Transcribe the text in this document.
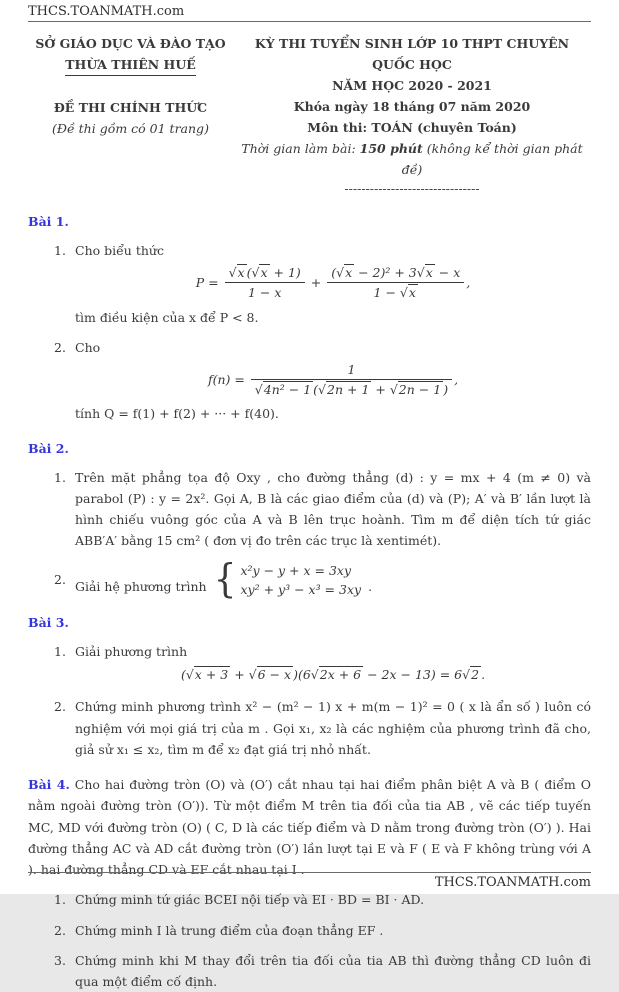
THCS.TOANMATH.com
SỞ GIÁO DỤC VÀ ĐÀO TẠO
THỪA THIÊN HUẾ
ĐỀ THI CHÍNH THỨC
(Đề thi gồm có 01 trang)
KỲ THI TUYỂN SINH LỚP 10 THPT CHUYÊN QUỐC HỌC
NĂM HỌC 2020 - 2021
Khóa ngày 18 tháng 07 năm 2020
Môn thi: TOÁN (chuyên Toán)
Thời gian làm bài: 150 phút (không kể thời gian phát đề)
--------------------------------
Bài 1.
1. Cho biểu thức
$P = \frac{√x (√x + 1)}{1 - x} + \frac{\text{(√x − 2)² + 3√x − x}}{1 - √x}$ ,
tìm điều kiện của x để P < 8.
2. Cho
$f(n) = \frac{1}{\text{√4n² − 1 (√2n + 1 + √2n − 1 )}}$ ,
tính Q = f(1) + f(2) + ··· + f(40).
Bài 2.
1. Trên mặt phẳng tọa độ Oxy , cho đường thẳng (d) : y = mx + 4 (m ≠ 0) và parabol (P) : y = 2x². Gọi A, B là các giao điểm của (d) và (P); A′ và B′ lần lượt là hình chiếu vuông góc của A và B lên trục hoành. Tìm m để diện tích tứ giác ABB′A′ bằng 15 cm² ( đơn vị đo trên các trục là xentimét).
2. Giải hệ phương trình { x²y − y + x = 3xy
xy² + y³ − x³ = 3xy .
Bài 3.
1. Giải phương trình
(√x + 3 + √6 − x )(6√2x + 6 − 2x − 13) = 6√2 .
2. Chứng minh phương trình x² − (m² − 1) x + m(m − 1)² = 0 ( x là ẩn số ) luôn có nghiệm với mọi giá trị của m . Gọi x₁, x₂ là các nghiệm của phương trình đã cho, giả sử x₁ ≤ x₂, tìm m để x₂ đạt giá trị nhỏ nhất.
Bài 4. Cho hai đường tròn (O) và (O′) cắt nhau tại hai điểm phân biệt A và B ( điểm O nằm ngoài đường tròn (O′)). Từ một điểm M trên tia đối của tia AB , vẽ các tiếp tuyến MC, MD với đường tròn (O) ( C, D là các tiếp điểm và D nằm trong đường tròn (O′) ). Hai đường thẳng AC và AD cắt đường tròn (O′) lần lượt tại E và F ( E và F không trùng với A ). hai đường thẳng CD và EF cắt nhau tại I .
1. Chứng minh tứ giác BCEI nội tiếp và EI · BD = BI · AD.
2. Chứng minh I là trung điểm của đoạn thẳng EF .
3. Chứng minh khi M thay đổi trên tia đối của tia AB thì đường thẳng CD luôn đi qua một điểm cố định.
THCS.TOANMATH.com
